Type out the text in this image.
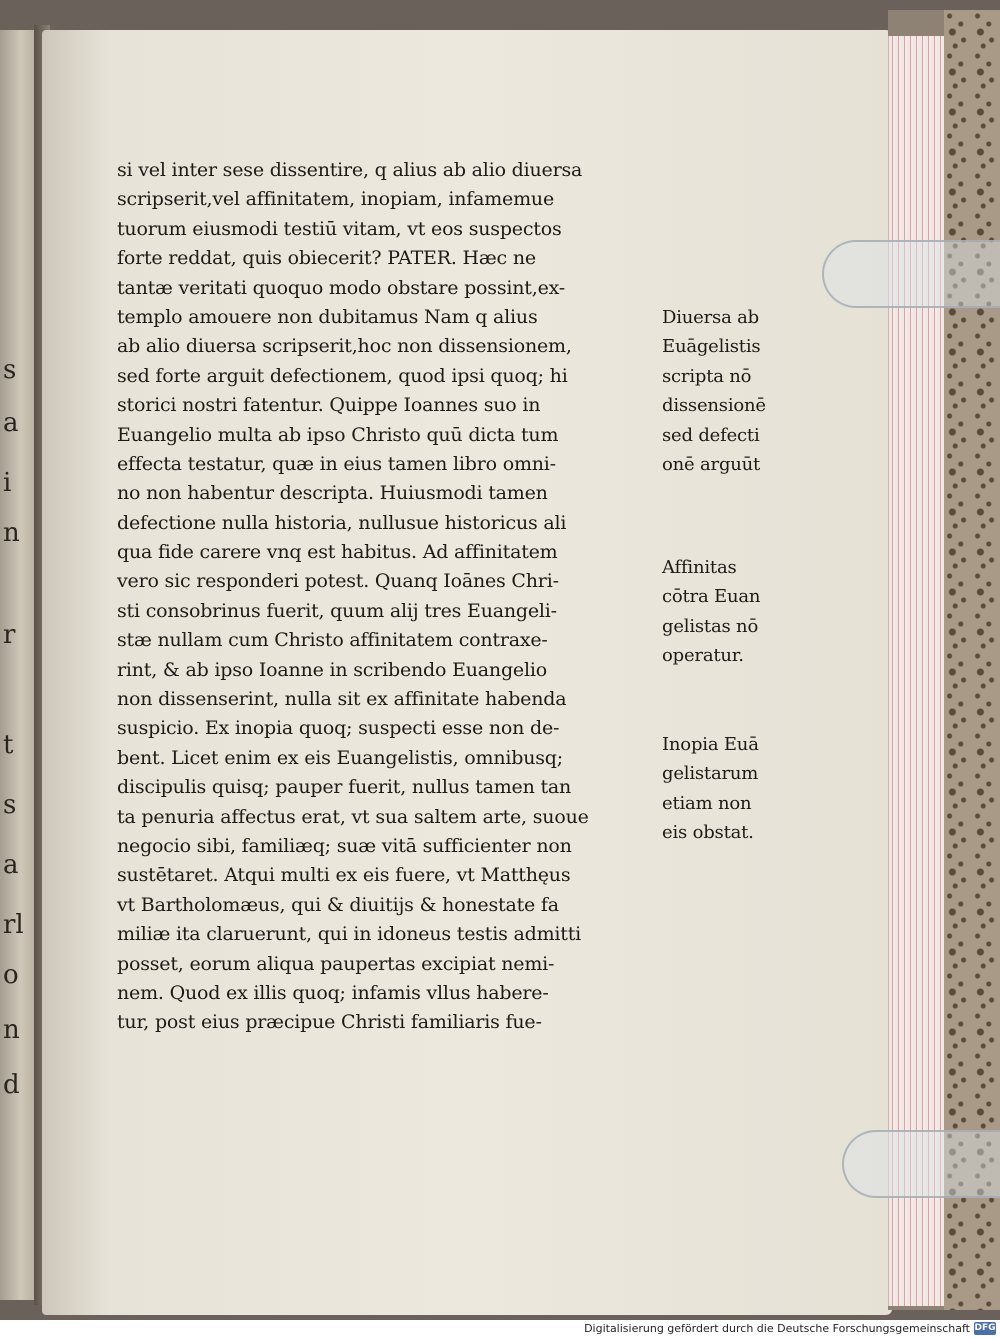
s
a
i
n
r
t
s
a
rl
o
n
d
si vel inter sese dissentire, q alius ab alio diuersa
scripserit,vel affinitatem, inopiam, infamemue
tuorum eiusmodi testiū vitam, vt eos suspectos
forte reddat, quis obiecerit? PATER. Hæc ne
tantæ veritati quoquo modo obstare possint,ex-
templo amouere non dubitamus Nam q alius
ab alio diuersa scripserit,hoc non dissensionem,
sed forte arguit defectionem, quod ipsi quoq; hi
storici nostri fatentur. Quippe Ioannes suo in
Euangelio multa ab ipso Christo quū dicta tum
effecta testatur, quæ in eius tamen libro omni-
no non habentur descripta. Huiusmodi tamen
defectione nulla historia, nullusue historicus ali
qua fide carere vnq est habitus. Ad affinitatem
vero sic responderi potest. Quanq Ioānes Chri-
sti consobrinus fuerit, quum alij tres Euangeli-
stæ nullam cum Christo affinitatem contraxe-
rint, & ab ipso Ioanne in scribendo Euangelio
non dissenserint, nulla sit ex affinitate habenda
suspicio. Ex inopia quoq; suspecti esse non de-
bent. Licet enim ex eis Euangelistis, omnibusq;
discipulis quisq; pauper fuerit, nullus tamen tan
ta penuria affectus erat, vt sua saltem arte, suoue
negocio sibi, familiæq; suæ vitā sufficienter non
sustētaret. Atqui multi ex eis fuere, vt Matthęus
vt Bartholomæus, qui & diuitijs & honestate fa
miliæ ita claruerunt, qui in idoneus testis admitti
posset, eorum aliqua paupertas excipiat nemi-
nem. Quod ex illis quoq; infamis vllus habere-
tur, post eius præcipue Christi familiaris fue-
Diuersa ab
Euāgelistis
scripta nō
dissensionē
sed defecti
onē arguūt
Affinitas
cōtra Euan
gelistas nō
operatur.
Inopia Euā
gelistarum
etiam non
eis obstat.
Digitalisierung gefördert durch die Deutsche Forschungsgemeinschaft DFG
